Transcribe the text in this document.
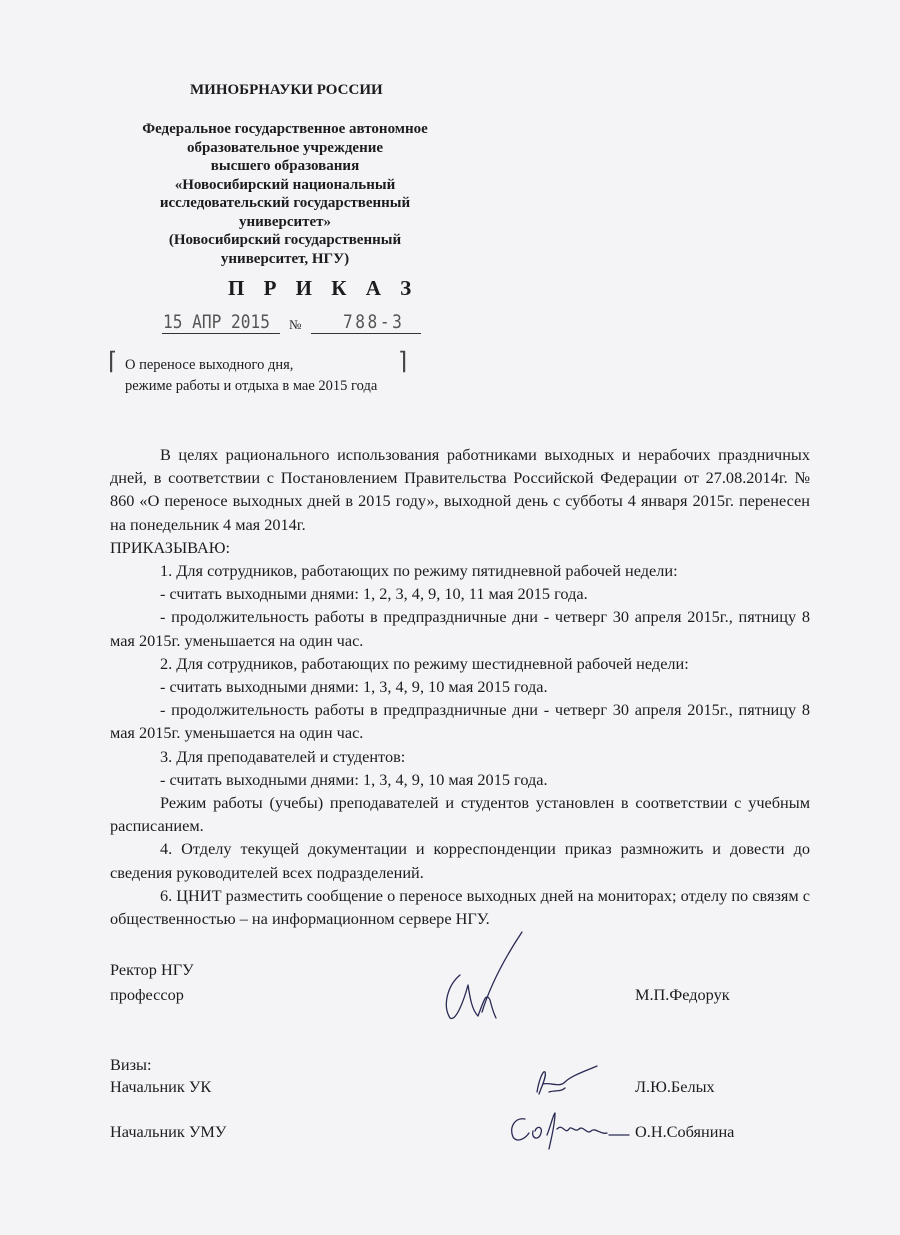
МИНОБРНАУКИ РОССИИ
Федеральное государственное автономное
образовательное учреждение
высшего образования
«Новосибирский национальный
исследовательский государственный
университет»
(Новосибирский государственный
университет, НГУ)
П Р И К А З
15 АПР 2015 № 788-3
⌈	⌉
О переносе выходного дня,
режиме работы и отдыха в мае 2015 года

В целях рационального использования работниками выходных и нерабочих праздничных дней, в соответствии с Постановлением Правительства Российской Федерации от 27.08.2014г. № 860 «О переносе выходных дней в 2015 году», выходной день с субботы 4 января 2015г. перенесен на понедельник 4 мая 2014г.

ПРИКАЗЫВАЮ:

1. Для сотрудников, работающих по режиму пятидневной рабочей недели:

- считать выходными днями: 1, 2, 3, 4, 9, 10, 11 мая 2015 года.

- продолжительность работы в предпраздничные дни - четверг 30 апреля 2015г., пятницу 8 мая 2015г. уменьшается на один час.

2. Для сотрудников, работающих по режиму шестидневной рабочей недели:

- считать выходными днями: 1, 3, 4, 9, 10 мая 2015 года.

- продолжительность работы в предпраздничные дни - четверг 30 апреля 2015г., пятницу 8 мая 2015г. уменьшается на один час.

3. Для преподавателей и студентов:

- считать выходными днями: 1, 3, 4, 9, 10 мая 2015 года.

Режим работы (учебы) преподавателей и студентов установлен в соответствии с учебным расписанием.

4. Отделу текущей документации и корреспонденции приказ размножить и довести до сведения руководителей всех подразделений.

6. ЦНИТ разместить сообщение о переносе выходных дней на мониторах; отделу по связям с общественностью – на информационном сервере НГУ.

Ректор НГУ
профессор	М.П.Федорук
Визы:
Начальник УК	Л.Ю.Белых
Начальник УМУ	О.Н.Собянина
